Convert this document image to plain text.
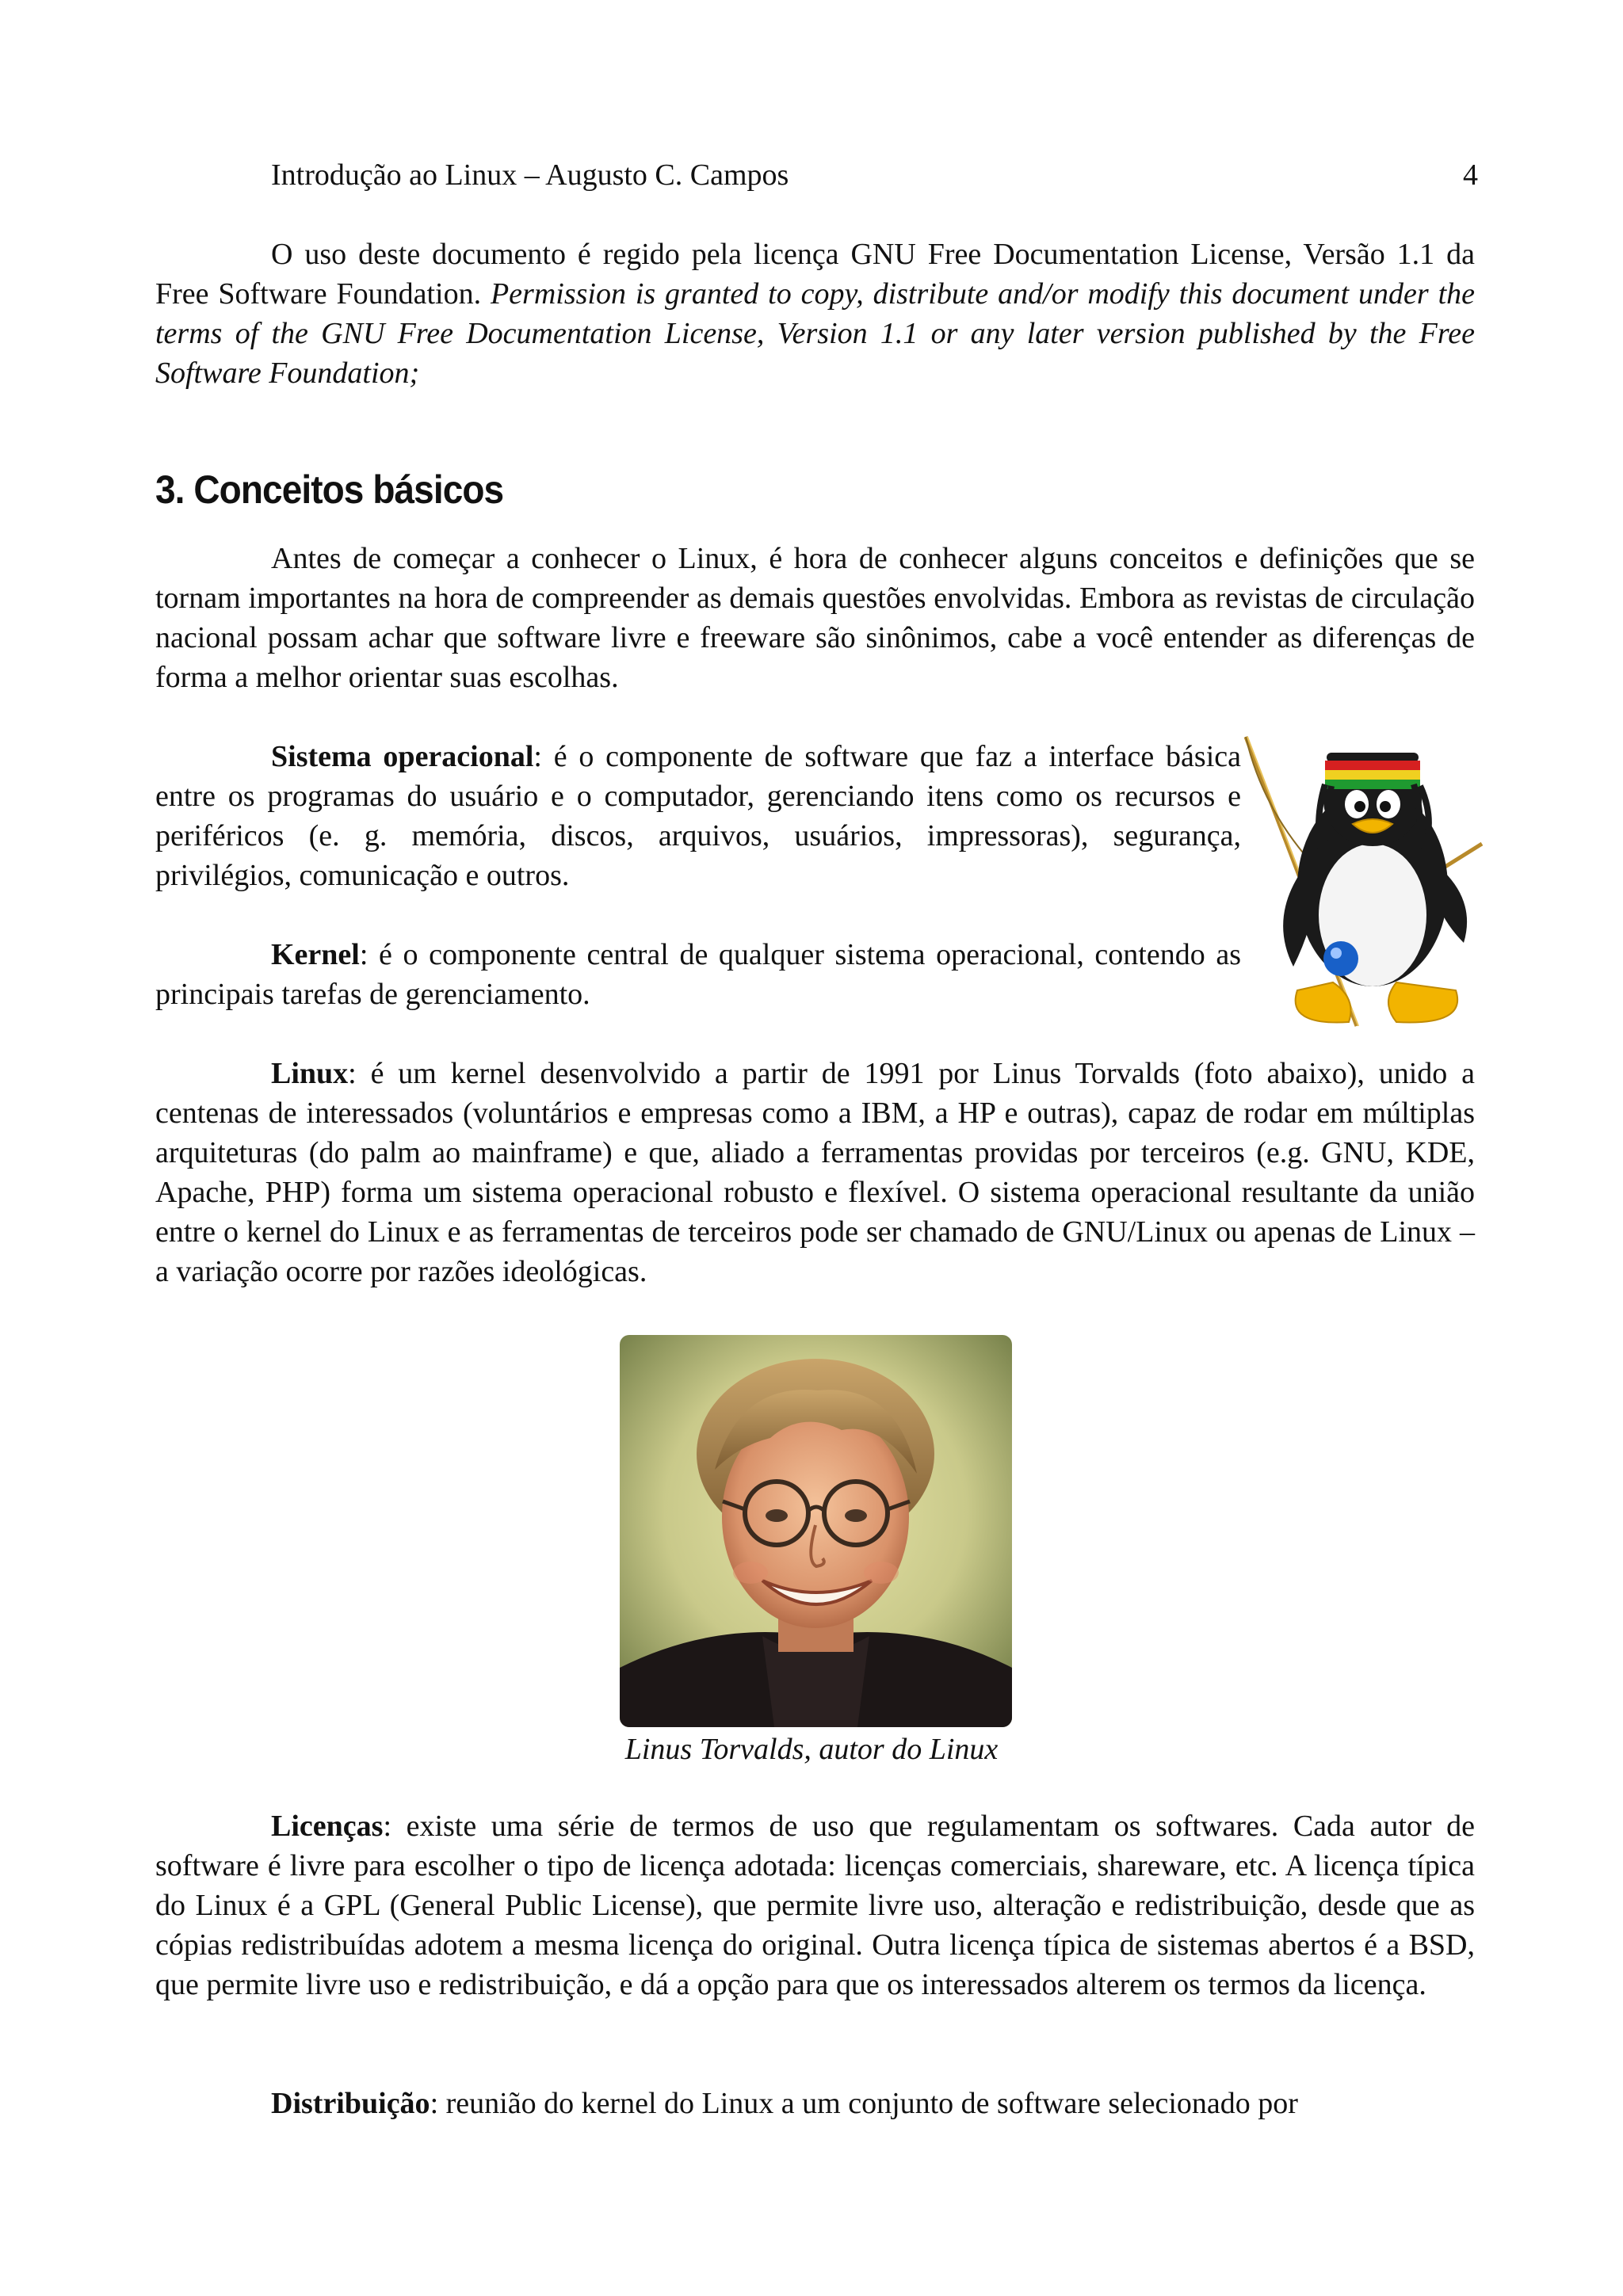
Introdução ao Linux – Augusto C. Campos	4

O uso deste documento é regido pela licença GNU Free Documentation License, Versão 1.1 da Free Software Foundation. Permission is granted to copy, distribute and/or modify this document under the terms of the GNU Free Documentation License, Version 1.1 or any later version published by the Free Software Foundation;

3. Conceitos básicos

Antes de começar a conhecer o Linux, é hora de conhecer alguns conceitos e definições que se tornam importantes na hora de compreender as demais questões envolvidas. Embora as revistas de circulação nacional possam achar que software livre e freeware são sinônimos, cabe a você entender as diferenças de forma a melhor orientar suas escolhas.

Sistema operacional: é o componente de software que faz a interface básica entre os programas do usuário e o computador, gerenciando itens como os recursos e periféricos (e. g. memória, discos, arquivos, usuários, impressoras), segurança, privilégios, comunicação e outros.

Kernel: é o componente central de qualquer sistema operacional, contendo as principais tarefas de gerenciamento.

Linux: é um kernel desenvolvido a partir de 1991 por Linus Torvalds (foto abaixo), unido a centenas de interessados (voluntários e empresas como a IBM, a HP e outras), capaz de rodar em múltiplas arquiteturas (do palm ao mainframe) e que, aliado a ferramentas providas por terceiros (e.g. GNU, KDE, Apache, PHP) forma um sistema operacional robusto e flexível. O sistema operacional resultante da união entre o kernel do Linux e as ferramentas de terceiros pode ser chamado de GNU/Linux ou apenas de Linux – a variação ocorre por razões ideológicas.

Linus Torvalds, autor do Linux

Licenças: existe uma série de termos de uso que regulamentam os softwares. Cada autor de software é livre para escolher o tipo de licença adotada: licenças comerciais, shareware, etc. A licença típica do Linux é a GPL (General Public License), que permite livre uso, alteração e redistribuição, desde que as cópias redistribuídas adotem a mesma licença do original. Outra licença típica de sistemas abertos é a BSD, que permite livre uso e redistribuição, e dá a opção para que os interessados alterem os termos da licença.

Distribuição: reunião do kernel do Linux a um conjunto de software selecionado por
